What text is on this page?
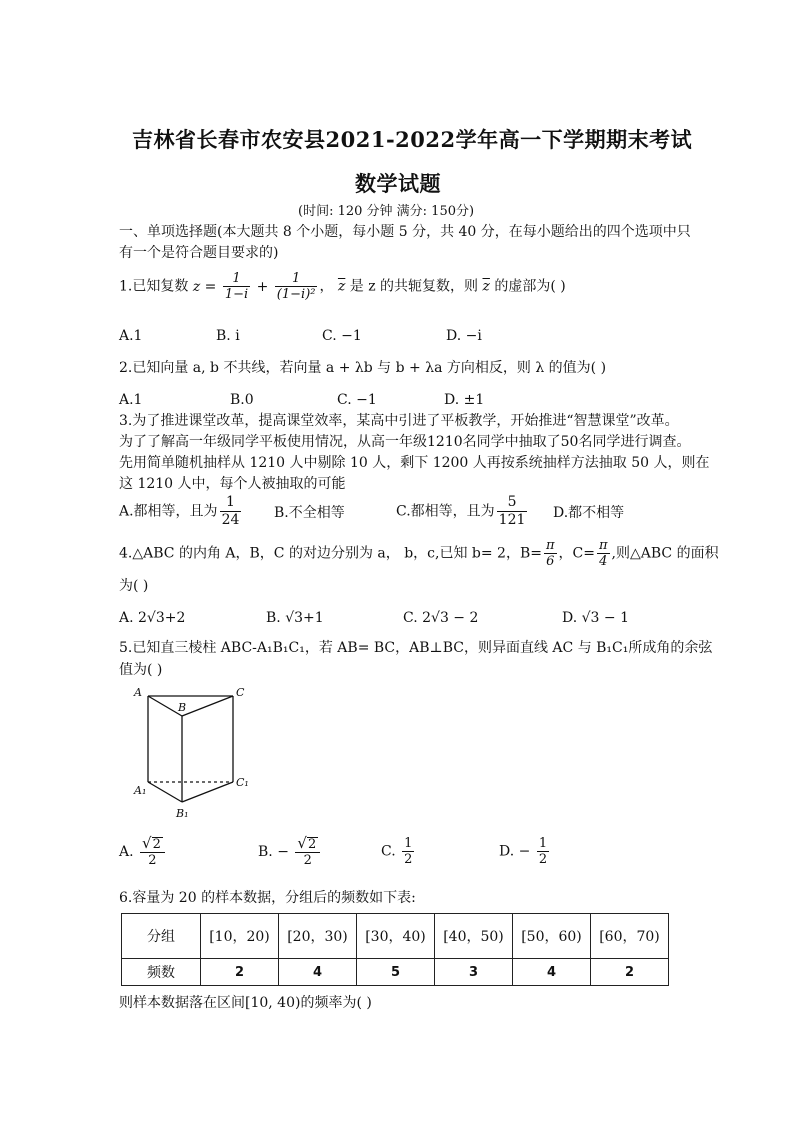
吉林省长春市农安县2021-2022学年高一下学期期末考试
数学试题
(时间: 120 分钟 满分: 150分)
一、单项选择题(本大题共 8 个小题，每小题 5 分，共 40 分，在每小题给出的四个选项中只
有一个是符合题目要求的)
1.已知复数 $z = \frac{1}{1-i} + \frac{1}{\text{(1−i)²}}$ ， $\overline{z}$ 是 z 的共轭复数，则 $\overline{z}$ 的虚部为( )
A.1	B. i	C. −1	D. −i
2.已知向量 a, b 不共线，若向量 a + λb 与 b + λa 方向相反，则 λ 的值为( )
A.1	B.0	C. −1	D. ±1
3.为了推进课堂改革，提高课堂效率，某高中引进了平板教学，开始推进“智慧课堂”改革。
为了了解高一年级同学平板使用情况，从高一年级1210名同学中抽取了50名同学进行调查。
先用简单随机抽样从 1210 人中剔除 10 人，剩下 1200 人再按系统抽样方法抽取 50 人，则在
这 1210 人中，每个人被抽取的可能
A.都相等，且为 $\frac{1}{24} B$.不全相等	C.都相等，且为 $\frac{5}{121} D$.都不相等
4.△ABC 的内角 A，B，C 的对边分别为 a， b，c,已知 b= 2，$B= \frac{\pi}{6}$ ，$C= \frac{\pi}{4}$ ,则△ABC 的面积
为( )
A. 2√3+2	B. √3+1	C. 2√3 − 2	D. √3 − 1
5.已知直三棱柱 ABC-A₁B₁C₁，若 AB= BC，AB⊥BC，则异面直线 AC 与 B₁C₁所成角的余弦
值为( )
A
B
C
A₁
B₁
C₁
A. $\frac{√2}{2}$	B. − $\frac{√2}{2}$	C. $\frac{1}{2}$	D. − $\frac{1}{2}$
6.容量为 20 的样本数据，分组后的频数如下表:
分组	[10，20)	[20，30)	[30，40)	[40，50)	[50，60)	[60，70)
频数	2	4	5	3	4	2
则样本数据落在区间[10, 40)的频率为( )
